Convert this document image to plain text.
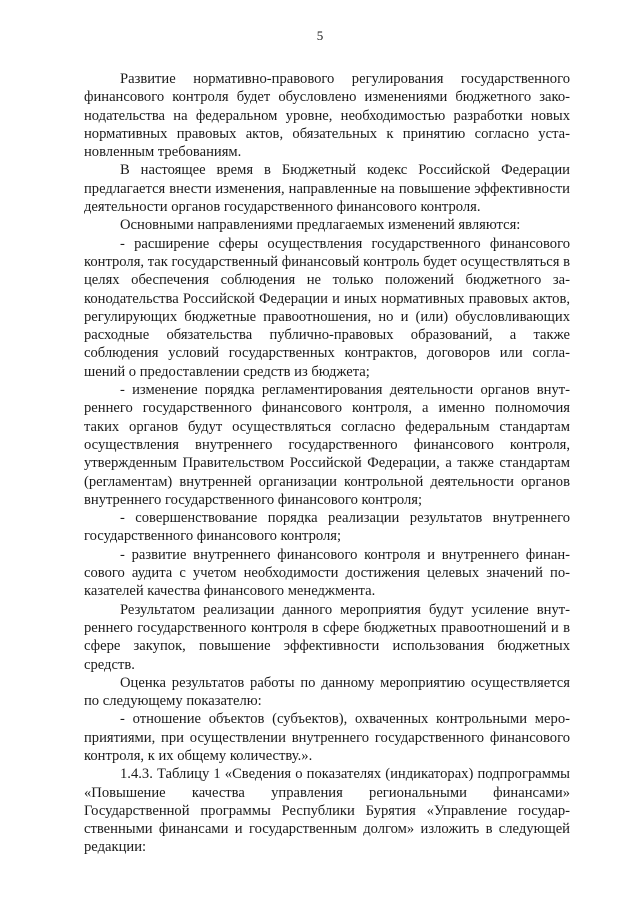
5

Развитие нормативно-правового регулирования государственного финансового контроля будет обусловлено изменениями бюджетного законодательства на федеральном уровне, необходимостью разработки новых нормативных правовых актов, обязательных к принятию согласно установленным требованиям.

В настоящее время в Бюджетный кодекс Российской Федерации предлагается внести изменения, направленные на повышение эффективности деятельности органов государственного финансового контроля.

Основными направлениями предлагаемых изменений являются:

- расширение сферы осуществления государственного финансового контроля, так государственный финансовый контроль будет осуществляться в целях обеспечения соблюдения не только положений бюджетного законодательства Российской Федерации и иных нормативных правовых актов, регулирующих бюджетные правоотношения, но и (или) обусловливающих расходные обязательства публично-правовых образований, а также соблюдения условий государственных контрактов, договоров или соглашений о предоставлении средств из бюджета;

- изменение порядка регламентирования деятельности органов внутреннего государственного финансового контроля, а именно полномочия таких органов будут осуществляться согласно федеральным стандартам осуществления внутреннего государственного финансового контроля, утвержденным Правительством Российской Федерации, а также стандартам (регламентам) внутренней организации контрольной деятельности органов внутреннего государственного финансового контроля;

- совершенствование порядка реализации результатов внутреннего государственного финансового контроля;

- развитие внутреннего финансового контроля и внутреннего финансового аудита с учетом необходимости достижения целевых значений показателей качества финансового менеджмента.

Результатом реализации данного мероприятия будут усиление внутреннего государственного контроля в сфере бюджетных правоотношений и в сфере закупок, повышение эффективности использования бюджетных средств.

Оценка результатов работы по данному мероприятию осуществляется по следующему показателю:

- отношение объектов (субъектов), охваченных контрольными мероприятиями, при осуществлении внутреннего государственного финансового контроля, к их общему количеству.».

1.4.3. Таблицу 1 «Сведения о показателях (индикаторах) подпрограммы «Повышение качества управления региональными финансами» Государственной программы Республики Бурятия «Управление государственными финансами и государственным долгом» изложить в следующей редакции:
